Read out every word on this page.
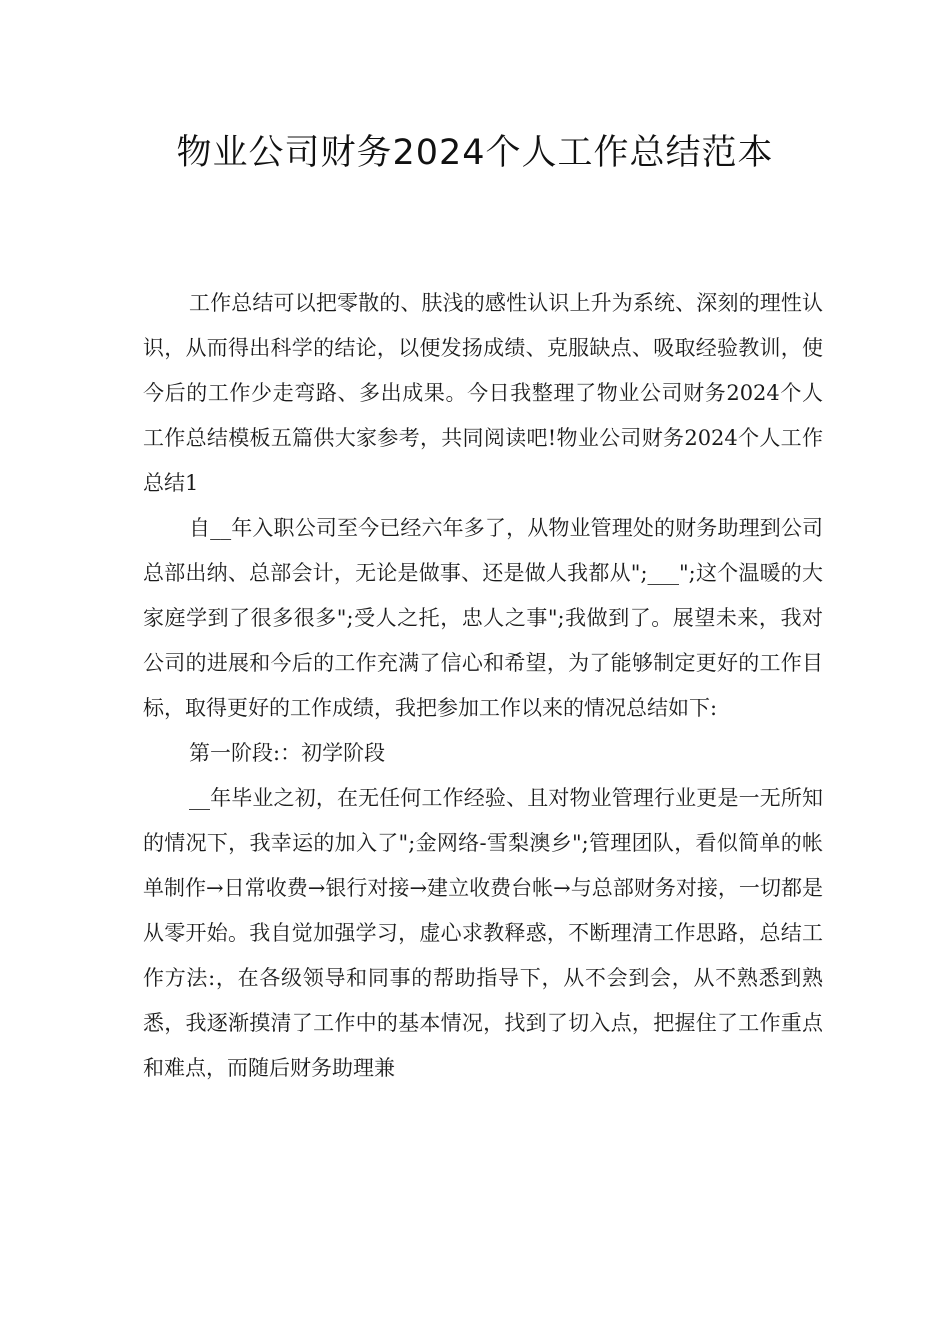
物业公司财务2024个人工作总结范本

工作总结可以把零散的、肤浅的感性认识上升为系统、深刻的理性认识，从而得出科学的结论，以便发扬成绩、克服缺点、吸取经验教训，使今后的工作少走弯路、多出成果。今日我整理了物业公司财务2024个人工作总结模板五篇供大家参考，共同阅读吧!物业公司财务2024个人工作总结1

自__年入职公司至今已经六年多了，从物业管理处的财务助理到公司总部出纳、总部会计，无论是做事、还是做人我都从";___";这个温暖的大家庭学到了很多很多";受人之托，忠人之事";我做到了。展望未来，我对公司的进展和今后的工作充满了信心和希望，为了能够制定更好的工作目标，取得更好的工作成绩，我把参加工作以来的情况总结如下:

第一阶段:：初学阶段

__年毕业之初，在无任何工作经验、且对物业管理行业更是一无所知的情况下，我幸运的加入了";金网络-雪梨澳乡";管理团队，看似简单的帐单制作→日常收费→银行对接→建立收费台帐→与总部财务对接，一切都是从零开始。我自觉加强学习，虚心求教释惑，不断理清工作思路，总结工作方法:，在各级领导和同事的帮助指导下，从不会到会，从不熟悉到熟悉，我逐渐摸清了工作中的基本情况，找到了切入点，把握住了工作重点和难点，而随后财务助理兼
